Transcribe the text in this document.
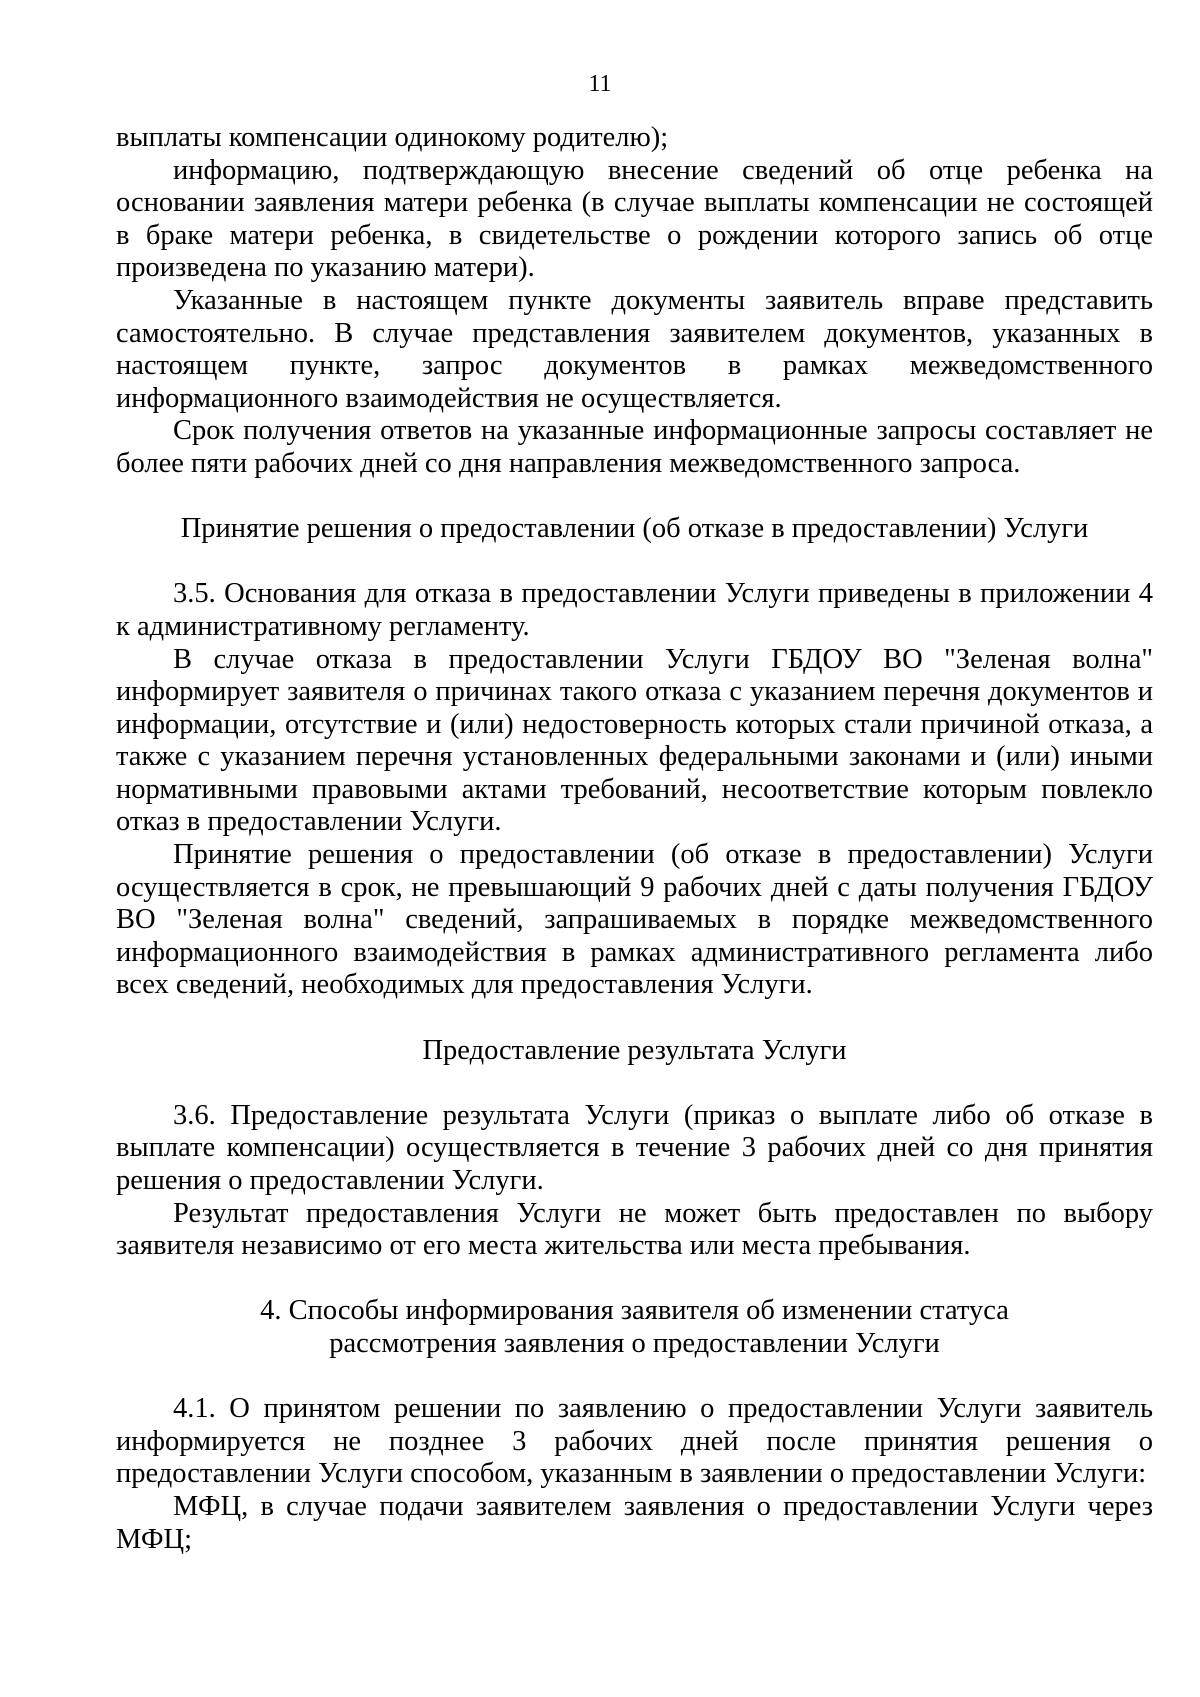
11

выплаты компенсации одинокому родителю);

информацию, подтверждающую внесение сведений об отце ребенка на основании заявления матери ребенка (в случае выплаты компенсации не состоящей в браке матери ребенка, в свидетельстве о рождении которого запись об отце произведена по указанию матери).

Указанные в настоящем пункте документы заявитель вправе представить самостоятельно. В случае представления заявителем документов, указанных в настоящем пункте, запрос документов в рамках межведомственного информационного взаимодействия не осуществляется.

Срок получения ответов на указанные информационные запросы составляет не более пяти рабочих дней со дня направления межведомственного запроса.

Принятие решения о предоставлении (об отказе в предоставлении) Услуги

3.5. Основания для отказа в предоставлении Услуги приведены в приложении 4 к административному регламенту.

В случае отказа в предоставлении Услуги ГБДОУ ВО "Зеленая волна" информирует заявителя о причинах такого отказа с указанием перечня документов и информации, отсутствие и (или) недостоверность которых стали причиной отказа, а также с указанием перечня установленных федеральными законами и (или) иными нормативными правовыми актами требований, несоответствие которым повлекло отказ в предоставлении Услуги.

Принятие решения о предоставлении (об отказе в предоставлении) Услуги осуществляется в срок, не превышающий 9 рабочих дней с даты получения ГБДОУ ВО "Зеленая волна" сведений, запрашиваемых в порядке межведомственного информационного взаимодействия в рамках административного регламента либо всех сведений, необходимых для предоставления Услуги.

Предоставление результата Услуги

3.6. Предоставление результата Услуги (приказ о выплате либо об отказе в выплате компенсации) осуществляется в течение 3 рабочих дней со дня принятия решения о предоставлении Услуги.

Результат предоставления Услуги не может быть предоставлен по выбору заявителя независимо от его места жительства или места пребывания.

4. Способы информирования заявителя об изменении статуса рассмотрения заявления о предоставлении Услуги

4.1. О принятом решении по заявлению о предоставлении Услуги заявитель информируется не позднее 3 рабочих дней после принятия решения о предоставлении Услуги способом, указанным в заявлении о предоставлении Услуги:

МФЦ, в случае подачи заявителем заявления о предоставлении Услуги через МФЦ;
